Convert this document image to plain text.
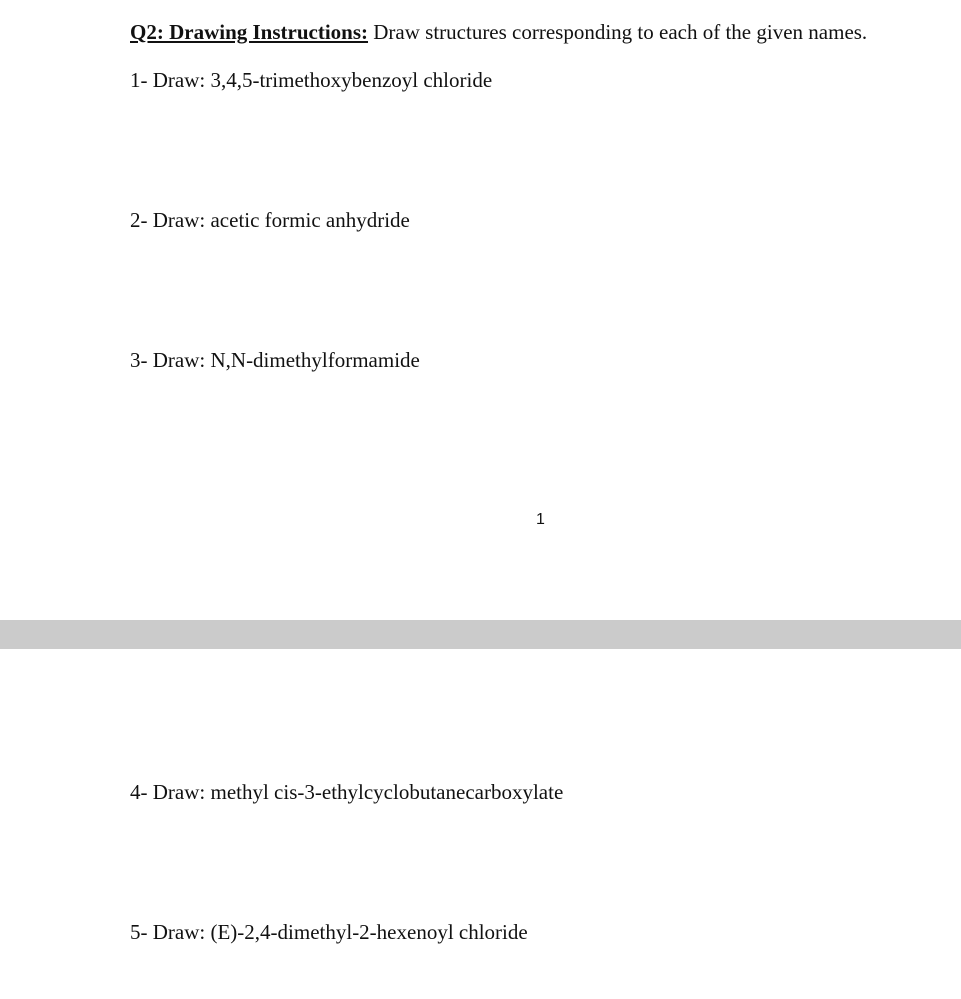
Q2: Drawing Instructions: Draw structures corresponding to each of the given names.
1- Draw: 3,4,5-trimethoxybenzoyl chloride
2- Draw: acetic formic anhydride
3- Draw: N,N-dimethylformamide
1
4- Draw: methyl cis-3-ethylcyclobutanecarboxylate
5- Draw: (E)-2,4-dimethyl-2-hexenoyl chloride
